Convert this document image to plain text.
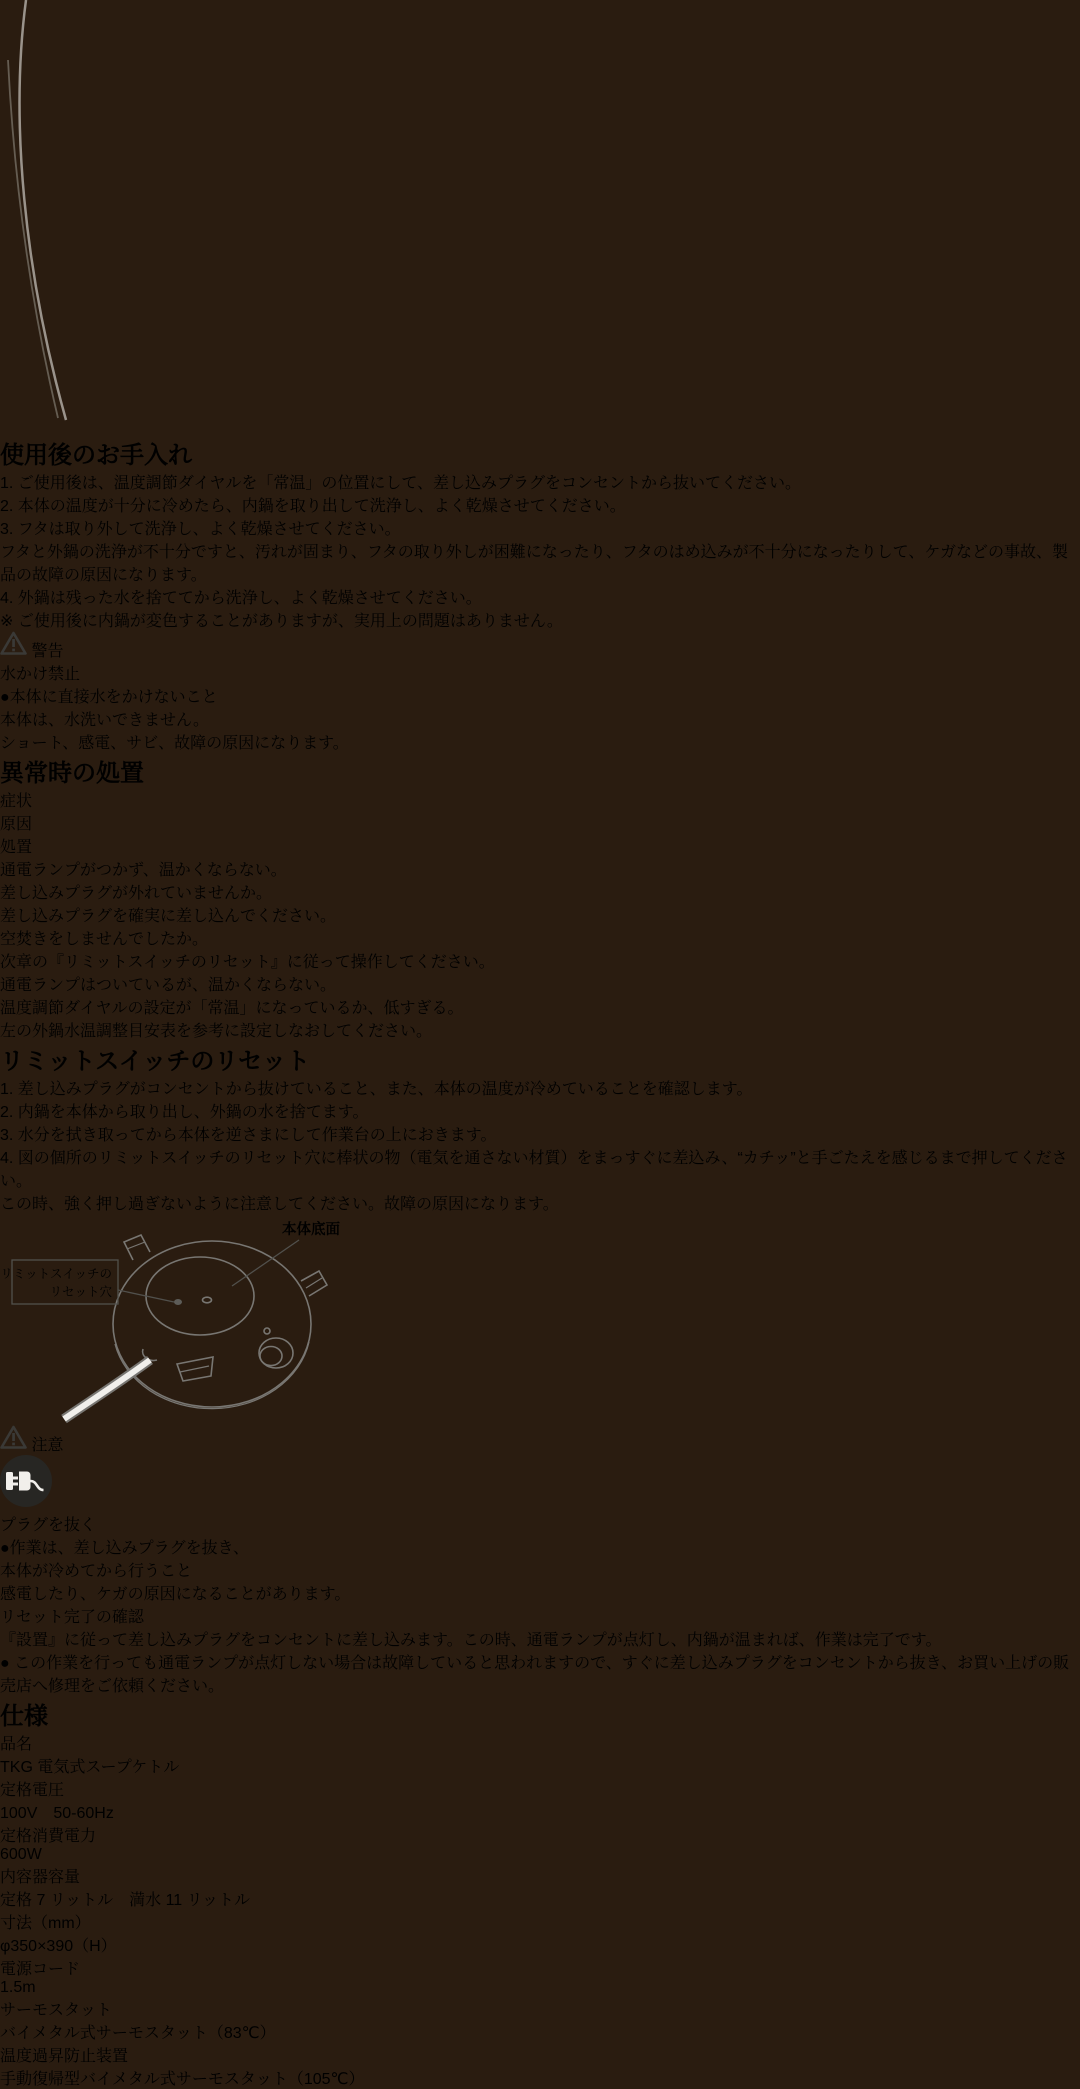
使用後のお手入れ
1. ご使用後は、温度調節ダイヤルを「常温」の位置にして、差し込みプラグをコンセントから抜いてください。
2. 本体の温度が十分に冷めたら、内鍋を取り出して洗浄し、よく乾燥させてください。
3. フタは取り外して洗浄し、よく乾燥させてください。
フタと外鍋の洗浄が不十分ですと、汚れが固まり、フタの取り外しが困難になったり、フタのはめ込みが不十分になったりして、ケガなどの事故、製品の故障の原因になります。
4. 外鍋は残った水を捨ててから洗浄し、よく乾燥させてください。
※ ご使用後に内鍋が変色することがありますが、実用上の問題はありません。
警告
水かけ禁止
●本体に直接水をかけないこと
本体は、水洗いできません。
ショート、感電、サビ、故障の原因になります。
異常時の処置
症状
原因
処置
通電ランプがつかず、温かくならない。
差し込みプラグが外れていませんか。
差し込みプラグを確実に差し込んでください。
空焚きをしませんでしたか。
次章の『リミットスイッチのリセット』に従って操作してください。
通電ランプはついているが、温かくならない。
温度調節ダイヤルの設定が「常温」になっているか、低すぎる。
左の外鍋水温調整目安表を参考に設定しなおしてください。
リミットスイッチのリセット
1. 差し込みプラグがコンセントから抜けていること、また、本体の温度が冷めていることを確認します。
2. 内鍋を本体から取り出し、外鍋の水を捨てます。
3. 水分を拭き取ってから本体を逆さまにして作業台の上におきます。
4. 図の個所のリミットスイッチのリセット穴に棒状の物（電気を通さない材質）をまっすぐに差込み、“カチッ”と手ごたえを感じるまで押してください。
この時、強く押し過ぎないように注意してください。故障の原因になります。
本体底面
リミットスイッチの
リセット穴
注意
プラグを抜く
●作業は、差し込みプラグを抜き、
本体が冷めてから行うこと
感電したり、ケガの原因になることがあります。
リセット完了の確認
『設置』に従って差し込みプラグをコンセントに差し込みます。この時、通電ランプが点灯し、内鍋が温まれば、作業は完了です。
● この作業を行っても通電ランプが点灯しない場合は故障していると思われますので、すぐに差し込みプラグをコンセントから抜き、お買い上げの販売店へ修理をご依頼ください。
仕様
品名
TKG 電気式スープケトル
定格電圧
100V　50-60Hz
定格消費電力
600W
内容器容量
定格 7 リットル　満水 11 リットル
寸法（mm）
φ350×390（H）
電源コード
1.5m
サーモスタット
バイメタル式サーモスタット（83℃）
温度過昇防止装置
手動復帰型バイメタル式サーモスタット（105℃）
